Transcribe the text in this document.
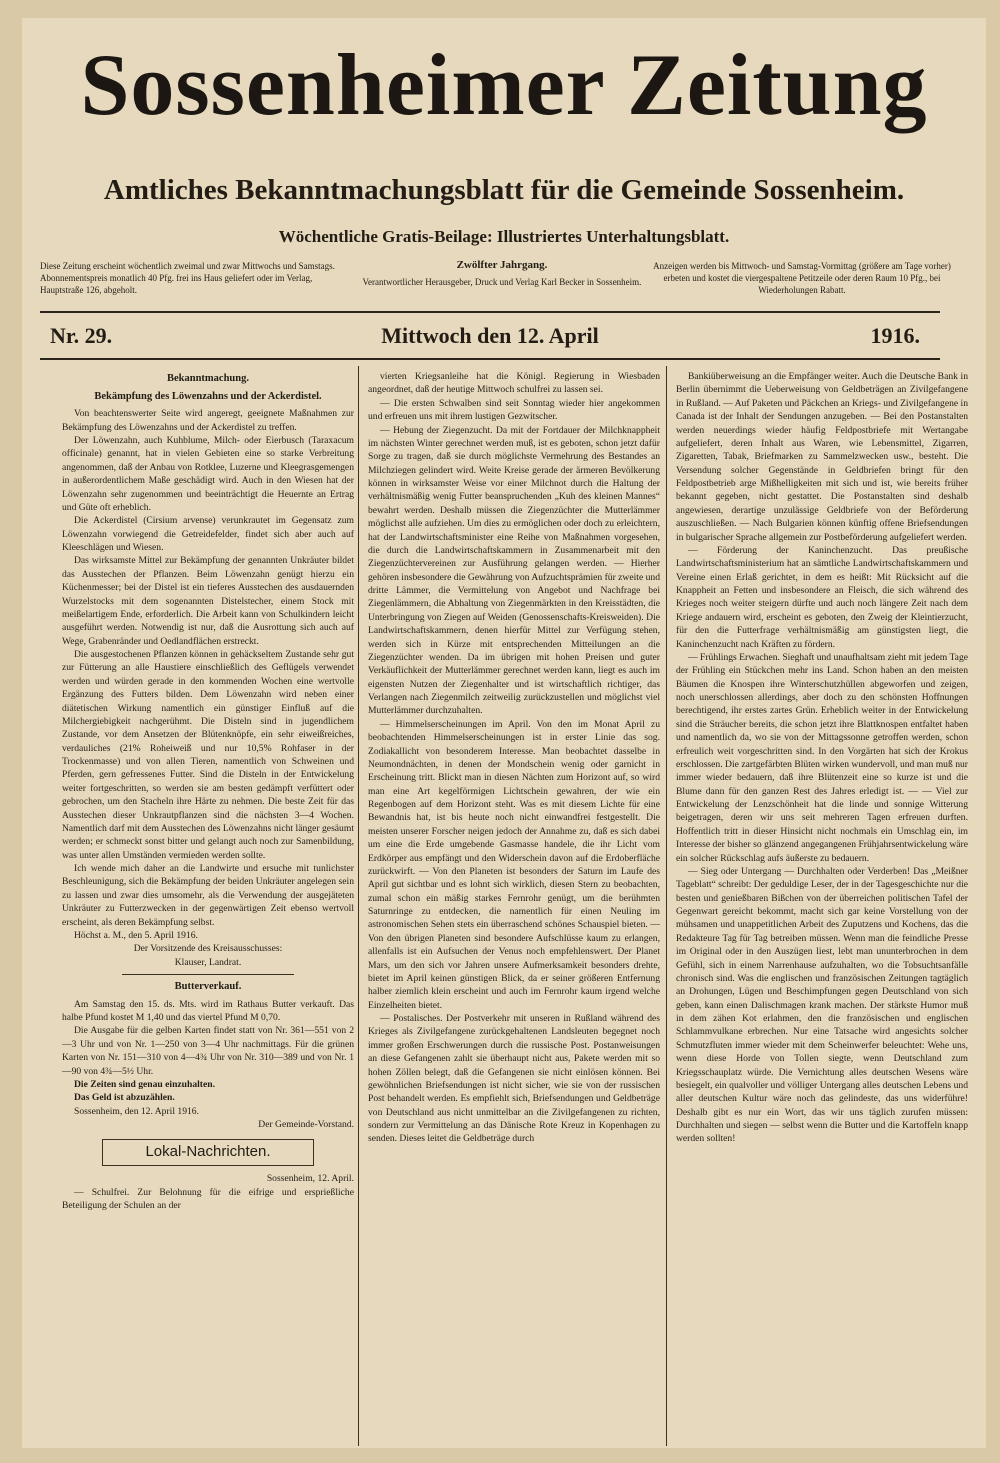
Sossenheimer Zeitung
Amtliches Bekanntmachungsblatt für die Gemeinde Sossenheim.
Wöchentliche Gratis-Beilage: Illustriertes Unterhaltungsblatt.
Diese Zeitung erscheint wöchentlich zweimal und zwar Mittwochs und Samstags. Abonnementspreis monatlich 40 Pfg. frei ins Haus geliefert oder im Verlag, Hauptstraße 126, abgeholt.
Zwölfter Jahrgang.
Verantwortlicher Herausgeber, Druck und Verlag Karl Becker in Sossenheim.
Anzeigen werden bis Mittwoch- und Samstag-Vormittag (größere am Tage vorher) erbeten und kostet die viergespaltene Petitzeile oder deren Raum 10 Pfg., bei Wiederholungen Rabatt.
Nr. 29.	Mittwoch den 12. April	1916.
Bekanntmachung.
Bekämpfung des Löwenzahns und der Ackerdistel.

Von beachtenswerter Seite wird angeregt, geeignete Maßnahmen zur Bekämpfung des Löwenzahns und der Ackerdistel zu treffen.

Der Löwenzahn, auch Kuhblume, Milch- oder Eierbusch (Taraxacum officinale) genannt, hat in vielen Gebieten eine so starke Verbreitung angenommen, daß der Anbau von Rotklee, Luzerne und Kleegrasgemengen in außerordentlichem Maße geschädigt wird. Auch in den Wiesen hat der Löwenzahn sehr zugenommen und beeinträchtigt die Heuernte an Ertrag und Güte oft erheblich.

Die Ackerdistel (Cirsium arvense) verunkrautet im Gegensatz zum Löwenzahn vorwiegend die Getreidefelder, findet sich aber auch auf Kleeschlägen und Wiesen.

Das wirksamste Mittel zur Bekämpfung der genannten Unkräuter bildet das Ausstechen der Pflanzen. Beim Löwenzahn genügt hierzu ein Küchenmesser; bei der Distel ist ein tieferes Ausstechen des ausdauernden Wurzelstocks mit dem sogenannten Distelstecher, einem Stock mit meißelartigem Ende, erforderlich. Die Arbeit kann von Schulkindern leicht ausgeführt werden. Notwendig ist nur, daß die Ausrottung sich auch auf Wege, Grabenränder und Oedlandflächen erstreckt.

Die ausgestochenen Pflanzen können in gehäckseltem Zustande sehr gut zur Fütterung an alle Haustiere einschließlich des Geflügels verwendet werden und würden gerade in den kommenden Wochen eine wertvolle Ergänzung des Futters bilden. Dem Löwenzahn wird neben einer diätetischen Wirkung namentlich ein günstiger Einfluß auf die Milchergiebigkeit nachgerühmt. Die Disteln sind in jugendlichem Zustande, vor dem Ansetzen der Blütenknöpfe, ein sehr eiweißreiches, verdauliches (21% Roheiweiß und nur 10,5% Rohfaser in der Trockenmasse) und von allen Tieren, namentlich von Schweinen und Pferden, gern gefressenes Futter. Sind die Disteln in der Entwickelung weiter fortgeschritten, so werden sie am besten gedämpft verfüttert oder gebrochen, um den Stacheln ihre Härte zu nehmen. Die beste Zeit für das Ausstechen dieser Unkrautpflanzen sind die nächsten 3—4 Wochen. Namentlich darf mit dem Ausstechen des Löwenzahns nicht länger gesäumt werden; er schmeckt sonst bitter und gelangt auch noch zur Samenbildung, was unter allen Umständen vermieden werden sollte.

Ich wende mich daher an die Landwirte und ersuche mit tunlichster Beschleunigung, sich die Bekämpfung der beiden Unkräuter angelegen sein zu lassen und zwar dies umsomehr, als die Verwendung der ausgejäteten Unkräuter zu Futterzwecken in der gegenwärtigen Zeit ebenso wertvoll erscheint, als deren Bekämpfung selbst.

Höchst a. M., den 5. April 1916.

Der Vorsitzende des Kreisausschusses:

Klauser, Landrat.

Butterverkauf.

Am Samstag den 15. ds. Mts. wird im Rathaus Butter verkauft. Das halbe Pfund kostet M 1,40 und das viertel Pfund M 0,70.

Die Ausgabe für die gelben Karten findet statt von Nr. 361—551 von 2—3 Uhr und von Nr. 1—250 von 3—4 Uhr nachmittags. Für die grünen Karten von Nr. 151—310 von 4—4¾ Uhr von Nr. 310—389 und von Nr. 1—90 von 4¾—5½ Uhr.

Die Zeiten sind genau einzuhalten.

Das Geld ist abzuzählen.

Sossenheim, den 12. April 1916.

Der Gemeinde-Vorstand.

Lokal-Nachrichten.

Sossenheim, 12. April.

— Schulfrei. Zur Belohnung für die eifrige und ersprießliche Beteiligung der Schulen an der

vierten Kriegsanleihe hat die Königl. Regierung in Wiesbaden angeordnet, daß der heutige Mittwoch schulfrei zu lassen sei.

— Die ersten Schwalben sind seit Sonntag wieder hier angekommen und erfreuen uns mit ihrem lustigen Gezwitscher.

— Hebung der Ziegenzucht. Da mit der Fortdauer der Milchknappheit im nächsten Winter gerechnet werden muß, ist es geboten, schon jetzt dafür Sorge zu tragen, daß sie durch möglichste Vermehrung des Bestandes an Milchziegen gelindert wird. Weite Kreise gerade der ärmeren Bevölkerung können in wirksamster Weise vor einer Milchnot durch die Haltung der verhältnismäßig wenig Futter beanspruchenden „Kuh des kleinen Mannes“ bewahrt werden. Deshalb müssen die Ziegenzüchter die Mutterlämmer möglichst alle aufziehen. Um dies zu ermöglichen oder doch zu erleichtern, hat der Landwirtschaftsminister eine Reihe von Maßnahmen vorgesehen, die durch die Landwirtschaftskammern in Zusammenarbeit mit den Ziegenzüchtervereinen zur Ausführung gelangen werden. — Hierher gehören insbesondere die Gewährung von Aufzuchtsprämien für zweite und dritte Lämmer, die Vermittelung von Angebot und Nachfrage bei Ziegenlämmern, die Abhaltung von Ziegenmärkten in den Kreisstädten, die Unterbringung von Ziegen auf Weiden (Genossenschafts-Kreisweiden). Die Landwirtschaftskammern, denen hierfür Mittel zur Verfügung stehen, werden sich in Kürze mit entsprechenden Mitteilungen an die Ziegenzüchter wenden. Da im übrigen mit hohen Preisen und guter Verkäuflichkeit der Mutterlämmer gerechnet werden kann, liegt es auch im eigensten Nutzen der Ziegenhalter und ist wirtschaftlich richtiger, das Verlangen nach Ziegenmilch zeitweilig zurückzustellen und möglichst viel Mutterlämmer durchzuhalten.

— Himmelserscheinungen im April. Von den im Monat April zu beobachtenden Himmelserscheinungen ist in erster Linie das sog. Zodiakallicht von besonderem Interesse. Man beobachtet dasselbe in Neumondnächten, in denen der Mondschein wenig oder garnicht in Erscheinung tritt. Blickt man in diesen Nächten zum Horizont auf, so wird man eine Art kegelförmigen Lichtschein gewahren, der wie ein Regenbogen auf dem Horizont steht. Was es mit diesem Lichte für eine Bewandnis hat, ist bis heute noch nicht einwandfrei festgestellt. Die meisten unserer Forscher neigen jedoch der Annahme zu, daß es sich dabei um eine die Erde umgebende Gasmasse handele, die ihr Licht vom Erdkörper aus empfängt und den Widerschein davon auf die Erdoberfläche zurückwirft. — Von den Planeten ist besonders der Saturn im Laufe des April gut sichtbar und es lohnt sich wirklich, diesen Stern zu beobachten, zumal schon ein mäßig starkes Fernrohr genügt, um die berühmten Saturnringe zu entdecken, die namentlich für einen Neuling im astronomischen Sehen stets ein überraschend schönes Schauspiel bieten. — Von den übrigen Planeten sind besondere Aufschlüsse kaum zu erlangen, allenfalls ist ein Aufsuchen der Venus noch empfehlenswert. Der Planet Mars, um den sich vor Jahren unsere Aufmerksamkeit besonders drehte, bietet im April keinen günstigen Blick, da er seiner größeren Entfernung halber ziemlich klein erscheint und auch im Fernrohr kaum irgend welche Einzelheiten bietet.

— Postalisches. Der Postverkehr mit unseren in Rußland während des Krieges als Zivilgefangene zurückgehaltenen Landsleuten begegnet noch immer großen Erschwerungen durch die russische Post. Postanweisungen an diese Gefangenen zahlt sie überhaupt nicht aus, Pakete werden mit so hohen Zöllen belegt, daß die Gefangenen sie nicht einlösen können. Bei gewöhnlichen Briefsendungen ist nicht sicher, wie sie von der russischen Post behandelt werden. Es empfiehlt sich, Briefsendungen und Geldbeträge von Deutschland aus nicht unmittelbar an die Zivilgefangenen zu richten, sondern zur Vermittelung an das Dänische Rote Kreuz in Kopenhagen zu senden. Dieses leitet die Geldbeträge durch

Bankiüberweisung an die Empfänger weiter. Auch die Deutsche Bank in Berlin übernimmt die Ueberweisung von Geldbeträgen an Zivilgefangene in Rußland. — Auf Paketen und Päckchen an Kriegs- und Zivilgefangene in Canada ist der Inhalt der Sendungen anzugeben. — Bei den Postanstalten werden neuerdings wieder häufig Feldpostbriefe mit Wertangabe aufgeliefert, deren Inhalt aus Waren, wie Lebensmittel, Zigarren, Zigaretten, Tabak, Briefmarken zu Sammelzwecken usw., besteht. Die Versendung solcher Gegenstände in Geldbriefen bringt für den Feldpostbetrieb arge Mißhelligkeiten mit sich und ist, wie bereits früher bekannt gegeben, nicht gestattet. Die Postanstalten sind deshalb angewiesen, derartige unzulässige Geldbriefe von der Beförderung auszuschließen. — Nach Bulgarien können künftig offene Briefsendungen in bulgarischer Sprache allgemein zur Postbeförderung aufgeliefert werden.

— Förderung der Kaninchenzucht. Das preußische Landwirtschaftsministerium hat an sämtliche Landwirtschaftskammern und Vereine einen Erlaß gerichtet, in dem es heißt: Mit Rücksicht auf die Knappheit an Fetten und insbesondere an Fleisch, die sich während des Krieges noch weiter steigern dürfte und auch noch längere Zeit nach dem Kriege andauern wird, erscheint es geboten, den Zweig der Kleintierzucht, für den die Futterfrage verhältnismäßig am günstigsten liegt, die Kaninchenzucht nach Kräften zu fördern.

— Frühlings Erwachen. Sieghaft und unaufhaltsam zieht mit jedem Tage der Frühling ein Stückchen mehr ins Land. Schon haben an den meisten Bäumen die Knospen ihre Winterschutzhüllen abgeworfen und zeigen, noch unerschlossen allerdings, aber doch zu den schönsten Hoffnungen berechtigend, ihr erstes zartes Grün. Erheblich weiter in der Entwickelung sind die Sträucher bereits, die schon jetzt ihre Blattknospen entfaltet haben und namentlich da, wo sie von der Mittagssonne getroffen werden, schon erfreulich weit vorgeschritten sind. In den Vorgärten hat sich der Krokus erschlossen. Die zartgefärbten Blüten wirken wundervoll, und man muß nur immer wieder bedauern, daß ihre Blütenzeit eine so kurze ist und die Blume dann für den ganzen Rest des Jahres erledigt ist. — — Viel zur Entwickelung der Lenzschönheit hat die linde und sonnige Witterung beigetragen, deren wir uns seit mehreren Tagen erfreuen durften. Hoffentlich tritt in dieser Hinsicht nicht nochmals ein Umschlag ein, im Interesse der bisher so glänzend angegangenen Frühjahrsentwickelung wäre ein solcher Rückschlag aufs äußerste zu bedauern.

— Sieg oder Untergang — Durchhalten oder Verderben! Das „Meißner Tageblatt“ schreibt: Der geduldige Leser, der in der Tagesgeschichte nur die besten und genießbaren Bißchen von der überreichen politischen Tafel der Gegenwart gereicht bekommt, macht sich gar keine Vorstellung von der mühsamen und unappetitlichen Arbeit des Zuputzens und Kochens, das die Redakteure Tag für Tag betreiben müssen. Wenn man die feindliche Presse im Original oder in den Auszügen liest, lebt man ununterbrochen in dem Gefühl, sich in einem Narrenhause aufzuhalten, wo die Tobsuchtsanfälle chronisch sind. Was die englischen und französischen Zeitungen tagtäglich an Drohungen, Lügen und Beschimpfungen gegen Deutschland von sich geben, kann einen Dalischmagen krank machen. Der stärkste Humor muß in dem zähen Kot erlahmen, den die französischen und englischen Schlammvulkane erbrechen. Nur eine Tatsache wird angesichts solcher Schmutzfluten immer wieder mit dem Scheinwerfer beleuchtet: Wehe uns, wenn diese Horde von Tollen siegte, wenn Deutschland zum Kriegsschauplatz würde. Die Vernichtung alles deutschen Wesens wäre besiegelt, ein qualvoller und völliger Untergang alles deutschen Lebens und aller deutschen Kultur wäre noch das gelindeste, das uns widerführe! Deshalb gibt es nur ein Wort, das wir uns täglich zurufen müssen: Durchhalten und siegen — selbst wenn die Butter und die Kartoffeln knapp werden sollten!
